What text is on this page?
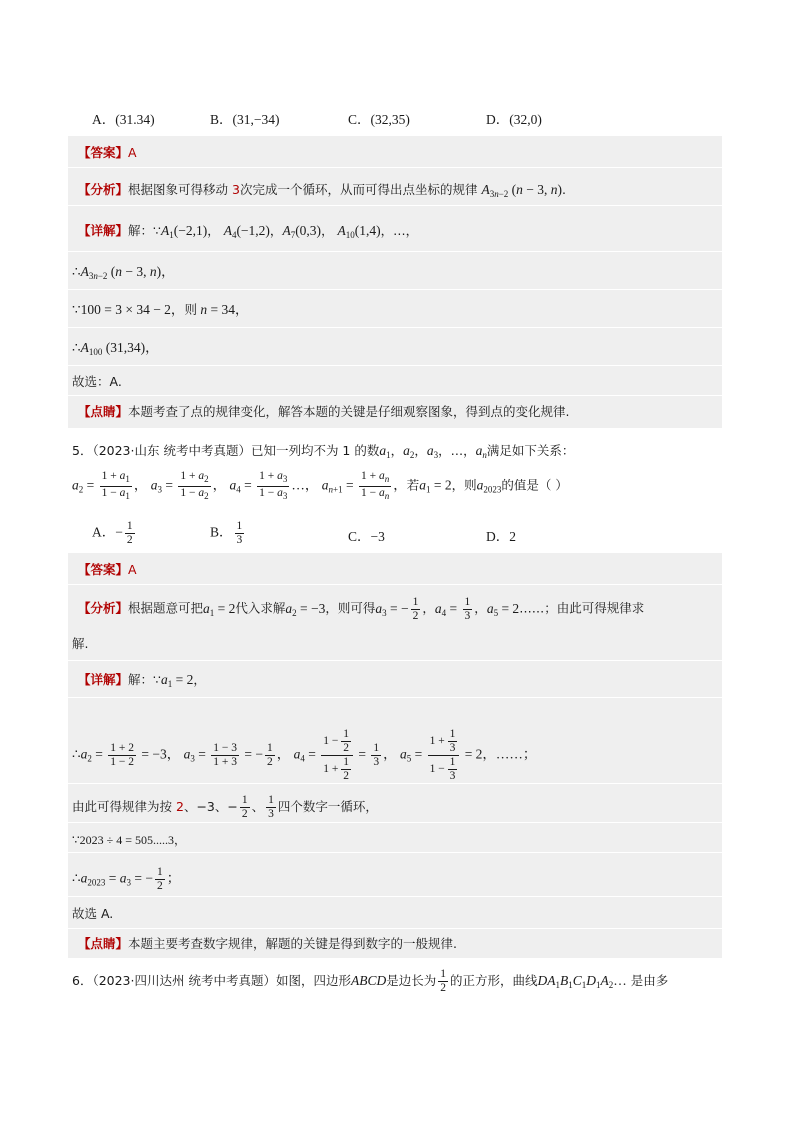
A．(31.34)	B．(31,−34)	C．(32,35)	D．(32,0)
【答案】A
【分析】根据图象可得移动 3次完成一个循环，从而可得出点坐标的规律 $A_{3n-2}$ (n − 3, n).
【详解】解：$\because A_1(-2,1)$， $A_4(-1,2)$，$A_7(0,3)$， $A_{10}(1,4)$，…，
$\therefore A_{3n-2}$ (n − 3, n)，
∵100 = 3 × 34 − 2，则 n = 34，
$\therefore A_{100}$ (31,34)，
故选：A.
【点睛】本题考查了点的规律变化，解答本题的关键是仔细观察图象，得到点的变化规律.
5．（2023·山东 统考中考真题）已知一列均不为 1 的数$a_1$，$a_2$，$a_3$，…，$a_n$满足如下关系：
$a_2 = \frac{1 + a_1}{1 - a_1}$ ， $a_3 = \frac{1 + a_2}{1 - a_2}$ ， $a_4 = \frac{1 + a_3}{1 - a_3}$ …， $a_{n+1} = \frac{1 + a_n}{1 - a_n}$ ，若$a_1 = 2$，则$a_{2023}$的值是（ ）
A．− $\frac{1}{2}$	B． $\frac{1}{3}$	C．−3	D．2
【答案】A
【分析】根据题意可把$a_1 = 2$代入求解$a_2 = -3$，则可得$a_3$ = − $\frac{1}{2}$ ，$a_4 = \frac{1}{3}$ ，$a_5$ = 2……；由此可得规律求
解.
【详解】解：$\because a_1 = 2$，
$\therefore a_2 = \frac{1 + 2}{1 - 2} = -3$， $a_3 = \frac{1 - 3}{1 + 3}$ = − $\frac{1}{2}$ ， $a_4 = \frac{1 - \frac{1}{2}}{1 + \frac{1}{2}} = \frac{1}{3}$ ， $a_5 = \frac{1 + \frac{1}{3}}{1 - \frac{1}{3}} = 2$，……；
由此可得规律为按 2、−3、− $\frac{1}{2}$ 、 $\frac{1}{3}$ 四个数字一循环，
∵2023 ÷ 4 = 505.....3，
$\therefore a_{2023} = a_3$ = − $\frac{1}{2}$ ；
故选 A.
【点睛】本题主要考查数字规律，解题的关键是得到数字的一般规律.
6．（2023·四川达州 统考中考真题）如图，四边形ABCD是边长为 $\frac{1}{2}$ 的正方形，曲线$DA_1B_1C_1D_1A_2\dots$ 是由多
